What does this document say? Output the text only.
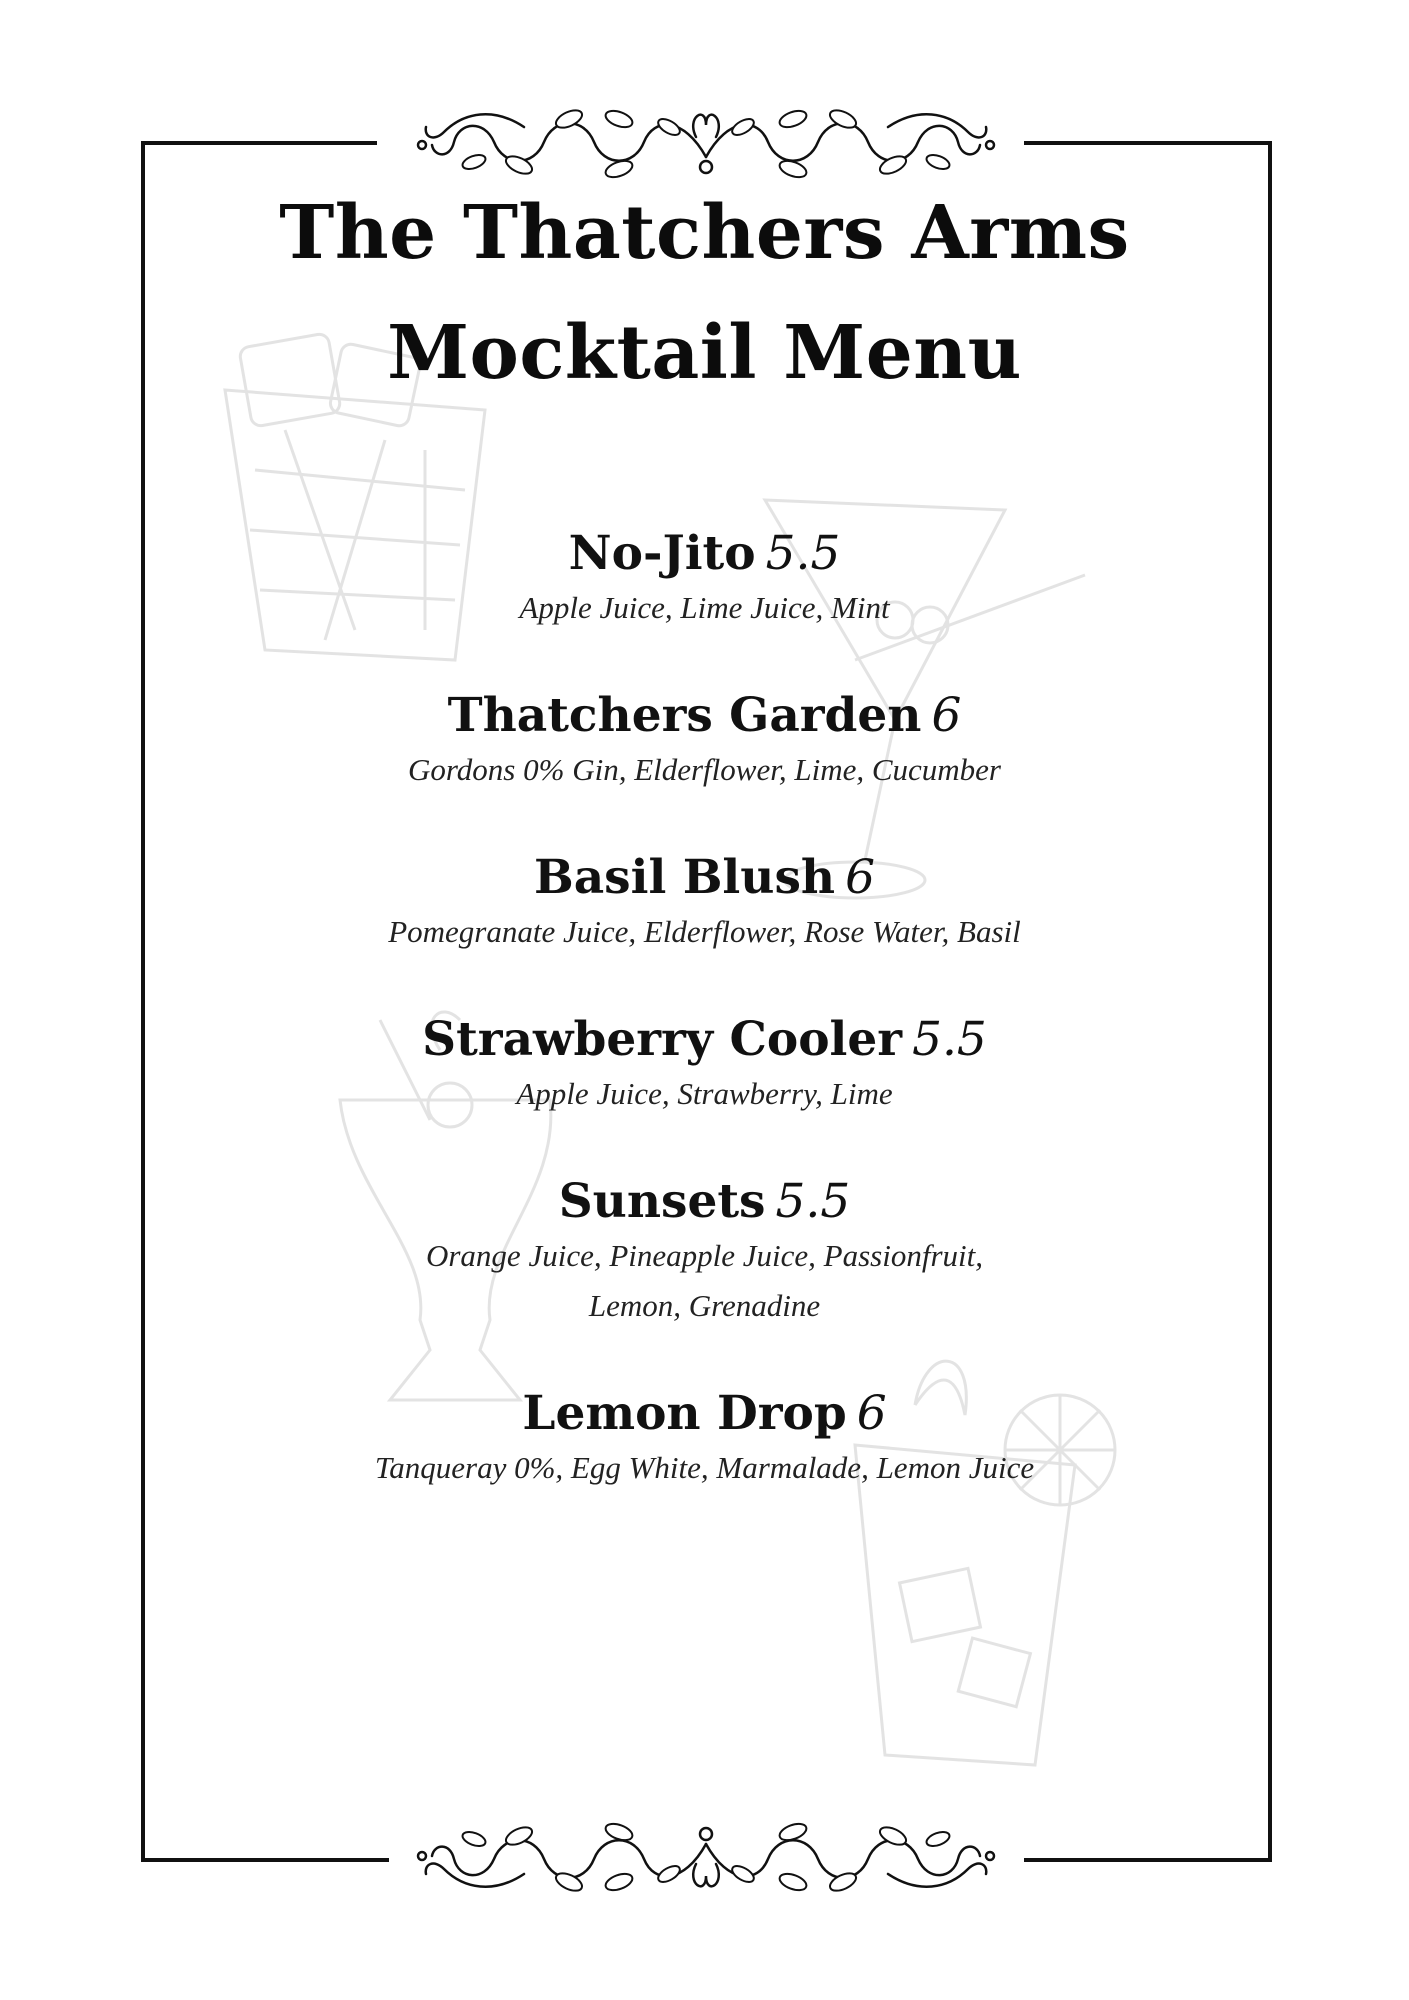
The Thatchers Arms
Mocktail Menu

No-Jito 5.5

Apple Juice, Lime Juice, Mint

Thatchers Garden 6

Gordons 0% Gin, Elderflower, Lime, Cucumber

Basil Blush 6

Pomegranate Juice, Elderflower, Rose Water, Basil

Strawberry Cooler 5.5

Apple Juice, Strawberry, Lime

Sunsets 5.5

Orange Juice, Pineapple Juice, Passionfruit,

Lemon, Grenadine

Lemon Drop 6

Tanqueray 0%, Egg White, Marmalade, Lemon Juice
